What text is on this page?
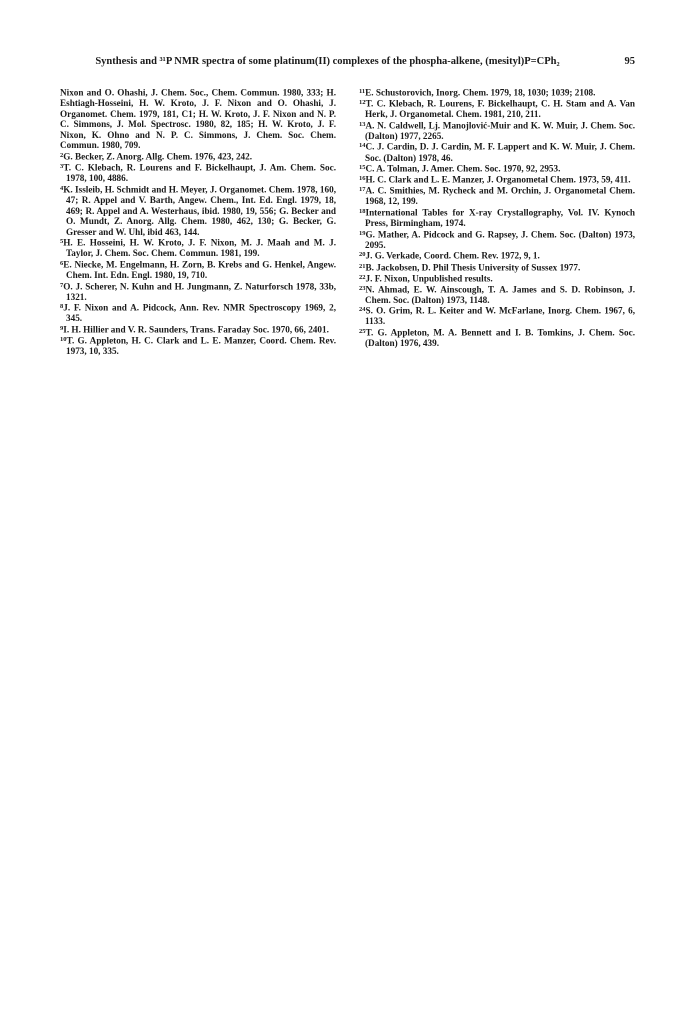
Synthesis and ³¹P NMR spectra of some platinum(II) complexes of the phospha-alkene, (mesityl)P=CPh₂	95

Nixon and O. Ohashi, J. Chem. Soc., Chem. Commun. 1980, 333; H. Eshtiagh-Hosseini, H. W. Kroto, J. F. Nixon and O. Ohashi, J. Organomet. Chem. 1979, 181, C1; H. W. Kroto, J. F. Nixon and N. P. C. Simmons, J. Mol. Spectrosc. 1980, 82, 185; H. W. Kroto, J. F. Nixon, K. Ohno and N. P. C. Simmons, J. Chem. Soc. Chem. Commun. 1980, 709.

$^2$G. Becker, Z. Anorg. Allg. Chem. 1976, 423, 242.

$^3$T. C. Klebach, R. Lourens and F. Bickelhaupt, J. Am. Chem. Soc. 1978, 100, 4886.

$^4$K. Issleib, H. Schmidt and H. Meyer, J. Organomet. Chem. 1978, 160, 47; R. Appel and V. Barth, Angew. Chem., Int. Ed. Engl. 1979, 18, 469; R. Appel and A. Westerhaus, ibid. 1980, 19, 556; G. Becker and O. Mundt, Z. Anorg. Allg. Chem. 1980, 462, 130; G. Becker, G. Gresser and W. Uhl, ibid 463, 144.

$^5$H. E. Hosseini, H. W. Kroto, J. F. Nixon, M. J. Maah and M. J. Taylor, J. Chem. Soc. Chem. Commun. 1981, 199.

$^6$E. Niecke, M. Engelmann, H. Zorn, B. Krebs and G. Henkel, Angew. Chem. Int. Edn. Engl. 1980, 19, 710.

$^7$O. J. Scherer, N. Kuhn and H. Jungmann, Z. Naturforsch 1978, 33b, 1321.

$^8$J. F. Nixon and A. Pidcock, Ann. Rev. NMR Spectroscopy 1969, 2, 345.

$^9$I. H. Hillier and V. R. Saunders, Trans. Faraday Soc. 1970, 66, 2401.

$^{10}$T. G. Appleton, H. C. Clark and L. E. Manzer, Coord. Chem. Rev. 1973, 10, 335.

$^{11}$E. Schustorovich, Inorg. Chem. 1979, 18, 1030; 1039; 2108.

$^{12}$T. C. Klebach, R. Lourens, F. Bickelhaupt, C. H. Stam and A. Van Herk, J. Organometal. Chem. 1981, 210, 211.

$^{13}$A. N. Caldwell, Lj. Manojlović-Muir and K. W. Muir, J. Chem. Soc. (Dalton) 1977, 2265.

$^{14}$C. J. Cardin, D. J. Cardin, M. F. Lappert and K. W. Muir, J. Chem. Soc. (Dalton) 1978, 46.

$^{15}$C. A. Tolman, J. Amer. Chem. Soc. 1970, 92, 2953.

$^{16}$H. C. Clark and L. E. Manzer, J. Organometal Chem. 1973, 59, 411.

$^{17}$A. C. Smithies, M. Rycheck and M. Orchin, J. Organometal Chem. 1968, 12, 199.

$^{18}$International Tables for X-ray Crystallography, Vol. IV. Kynoch Press, Birmingham, 1974.

$^{19}$G. Mather, A. Pidcock and G. Rapsey, J. Chem. Soc. (Dalton) 1973, 2095.

$^{20}$J. G. Verkade, Coord. Chem. Rev. 1972, 9, 1.

$^{21}$B. Jackobsen, D. Phil Thesis University of Sussex 1977.

$^{22}$J. F. Nixon, Unpublished results.

$^{23}$N. Ahmad, E. W. Ainscough, T. A. James and S. D. Robinson, J. Chem. Soc. (Dalton) 1973, 1148.

$^{24}$S. O. Grim, R. L. Keiter and W. McFarlane, Inorg. Chem. 1967, 6, 1133.

$^{25}$T. G. Appleton, M. A. Bennett and I. B. Tomkins, J. Chem. Soc. (Dalton) 1976, 439.
